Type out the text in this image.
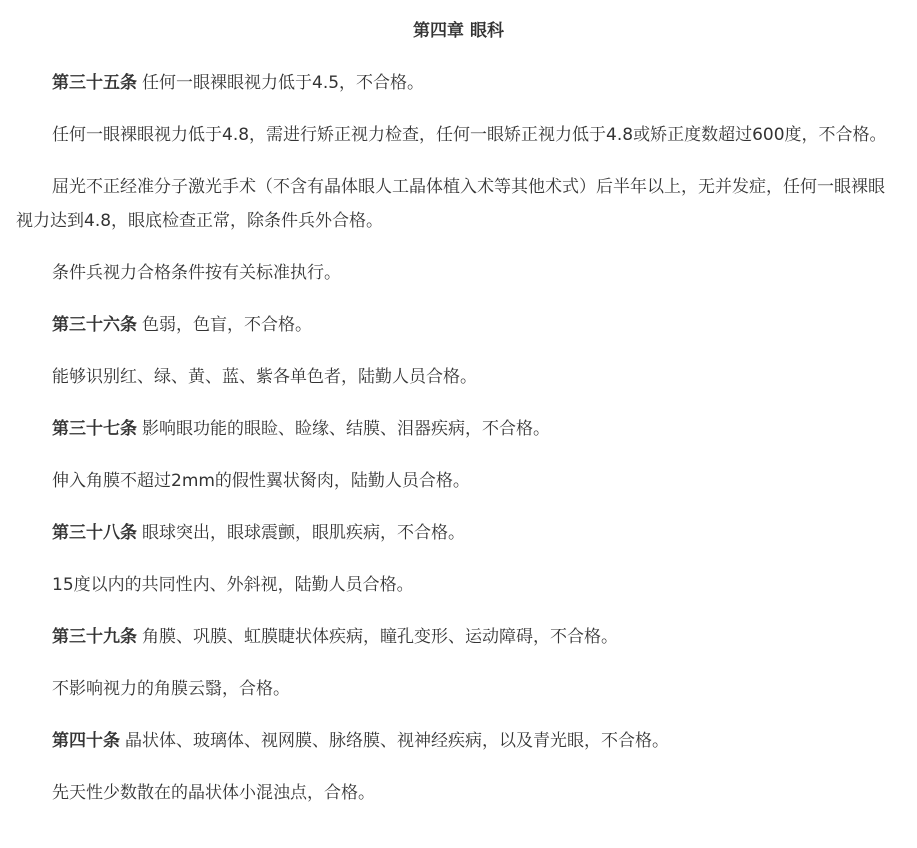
第四章 眼科

第三十五条 任何一眼裸眼视力低于4.5，不合格。

任何一眼裸眼视力低于4.8，需进行矫正视力检查，任何一眼矫正视力低于4.8或矫正度数超过600度，不合格。

屈光不正经准分子激光手术（不含有晶体眼人工晶体植入术等其他术式）后半年以上，无并发症，任何一眼裸眼视力达到4.8，眼底检查正常，除条件兵外合格。

条件兵视力合格条件按有关标准执行。

第三十六条 色弱，色盲，不合格。

能够识别红、绿、黄、蓝、紫各单色者，陆勤人员合格。

第三十七条 影响眼功能的眼睑、睑缘、结膜、泪器疾病，不合格。

伸入角膜不超过2mm的假性翼状胬肉，陆勤人员合格。

第三十八条 眼球突出，眼球震颤，眼肌疾病，不合格。

15度以内的共同性内、外斜视，陆勤人员合格。

第三十九条 角膜、巩膜、虹膜睫状体疾病，瞳孔变形、运动障碍，不合格。

不影响视力的角膜云翳，合格。

第四十条 晶状体、玻璃体、视网膜、脉络膜、视神经疾病，以及青光眼，不合格。

先天性少数散在的晶状体小混浊点，合格。
